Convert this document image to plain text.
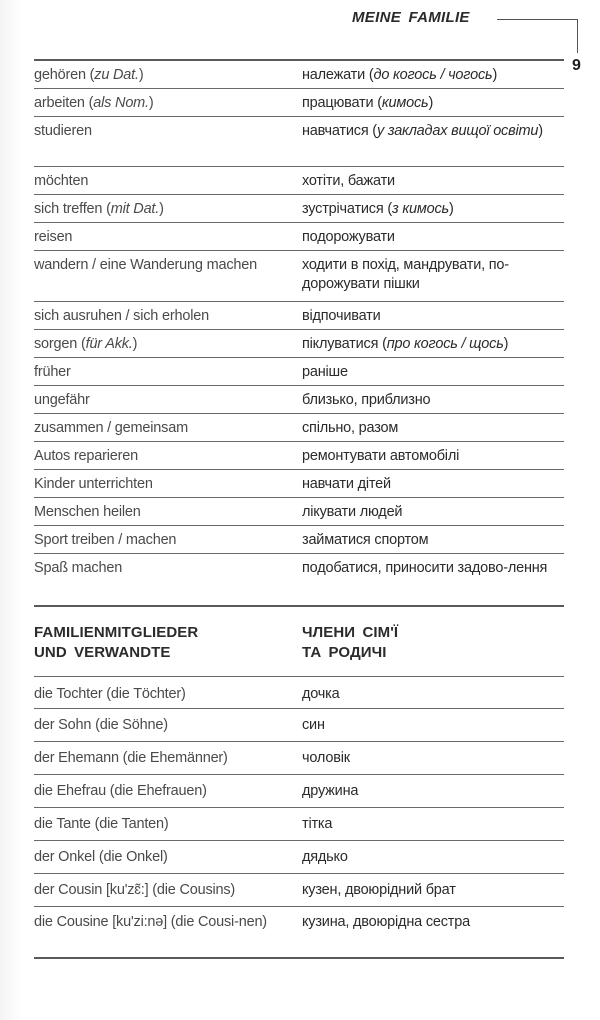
MEINE FAMILIE
9
gehören (zu Dat.)	належати (до когось / чогось)
arbeiten (als Nom.)	працювати (кимось)
studieren	навчатися (у закладах вищої освіти)
möchten	хотіти, бажати
sich treffen (mit Dat.)	зустрічатися (з кимось)
reisen	подорожувати
wandern / eine Wanderung machen	ходити в похід, мандрувати, по-дорожувати пішки
sich ausruhen / sich erholen	відпочивати
sorgen (für Akk.)	піклуватися (про когось / щось)
früher	раніше
ungefähr	близько, приблизно
zusammen / gemeinsam	спільно, разом
Autos reparieren	ремонтувати автомобілі
Kinder unterrichten	навчати дітей
Menschen heilen	лікувати людей
Sport treiben / machen	займатися спортом
Spaß machen	подобатися, приносити задово-лення
FAMILIENMITGLIEDER
UND VERWANDTE
ЧЛЕНИ СІМ'Ї
ТА РОДИЧІ
die Tochter (die Töchter)	дочка
der Sohn (die Söhne)	син
der Ehemann (die Ehemänner)	чоловік
die Ehefrau (die Ehefrauen)	дружина
die Tante (die Tanten)	тітка
der Onkel (die Onkel)	дядько
der Cousin [ku'zɛ̃:] (die Cousins)	кузен, двоюрідний брат
die Cousine [ku'zi:nə] (die Cousi-nen)	кузина, двоюрідна сестра
